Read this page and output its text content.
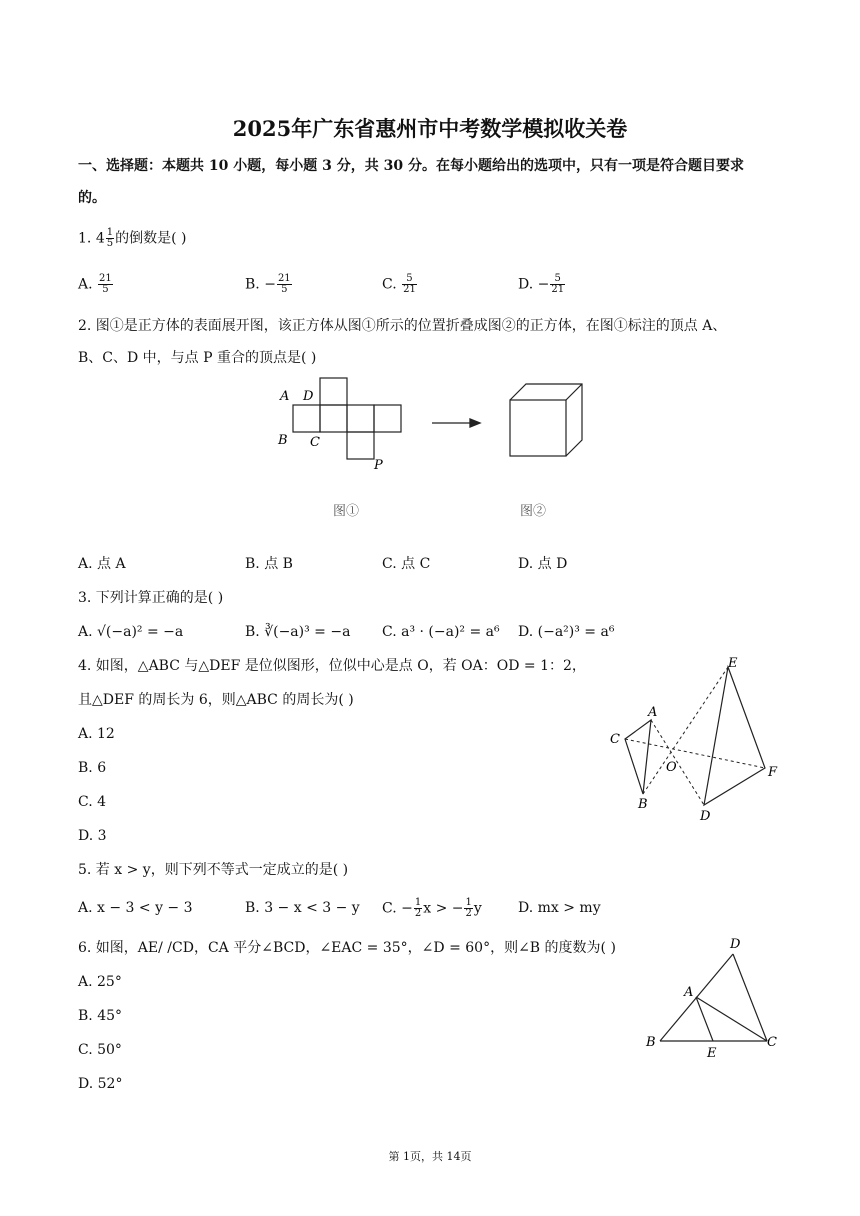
2025年广东省惠州市中考数学模拟收关卷
一、选择题：本题共 10 小题，每小题 3 分，共 30 分。在每小题给出的选项中，只有一项是符合题目要求
的。
1. $4 \frac{1}{5}$ 的倒数是( )
A. $\frac{21}{5}$	B. − $\frac{21}{5}$	C. $\frac{5}{21}$	D. − $\frac{5}{21}$
2. 图①是正方体的表面展开图，该正方体从图①所示的位置折叠成图②的正方体，在图①标注的顶点 A、
B、C、D 中，与点 P 重合的顶点是( )
A D
B C
P
图①	图②
A. 点 A	B. 点 B	C. 点 C	D. 点 D
3. 下列计算正确的是( )
A. √(−a)² = −a	B. ∛(−a)³ = −a C. a³ · (−a)² = a⁶ D. (−a²)³ = a⁶
4. 如图，△ABC 与△DEF 是位似图形，位似中心是点 O，若 OA：OD = 1：2，
且△DEF 的周长为 6，则△ABC 的周长为( )
A. 12
B. 6
C. 4
D. 3
A
C
B
E
F
D
O
5. 若 x > y，则下列不等式一定成立的是( )
A. x − 3 < y − 3	B. 3 − x < 3 − y C. − $\frac{1}{2}$ x > − $\frac{1}{2}$ y	D. mx > my
6. 如图，AE/ /CD，CA 平分∠BCD，∠EAC = 35°，∠D = 60°，则∠B 的度数为( )
A. 25°
B. 45°
C. 50°
D. 52°
D
A
B
E
C
第 1页，共 14页
